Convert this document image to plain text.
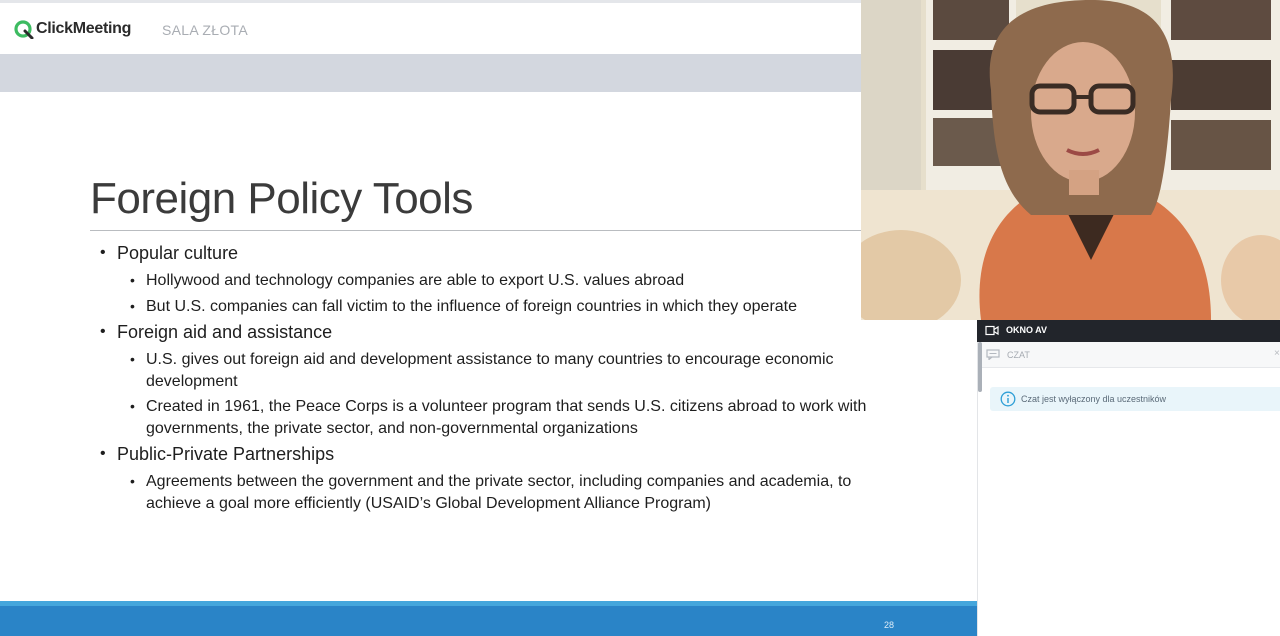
ClickMeeting SALA ZŁOTA
Foreign Policy Tools
• Popular culture
• Hollywood and technology companies are able to export U.S. values abroad
• But U.S. companies can fall victim to the influence of foreign countries in which they operate
• Foreign aid and assistance
• U.S. gives out foreign aid and development assistance to many countries to encourage economic development
• Created in 1961, the Peace Corps is a volunteer program that sends U.S. citizens abroad to work with governments, the private sector, and non-governmental organizations
• Public-Private Partnerships
• Agreements between the government and the private sector, including companies and academia, to achieve a goal more efficiently (USAID’s Global Development Alliance Program)
28
OKNO AV
CZAT	×
Czat jest wyłączony dla uczestników
